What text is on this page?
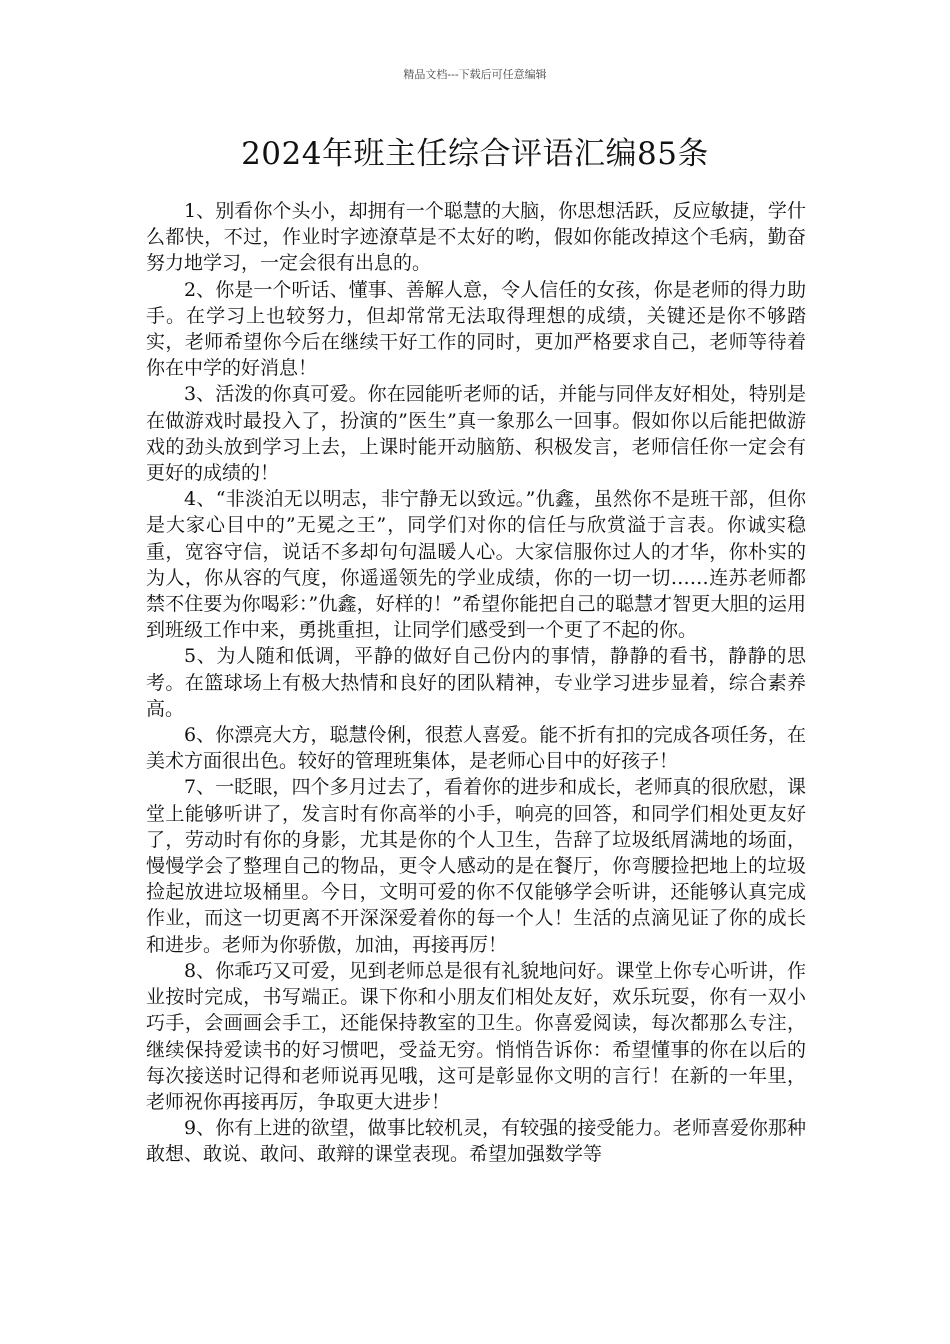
精品文档---下载后可任意编辑
2024年班主任综合评语汇编85条

1、别看你个头小，却拥有一个聪慧的大脑，你思想活跃，反应敏捷，学什么都快，不过，作业时字迹潦草是不太好的哟，假如你能改掉这个毛病，勤奋努力地学习，一定会很有出息的。

2、你是一个听话、懂事、善解人意，令人信任的女孩，你是老师的得力助手。在学习上也较努力，但却常常无法取得理想的成绩，关键还是你不够踏实，老师希望你今后在继续干好工作的同时，更加严格要求自己，老师等待着你在中学的好消息！

3、活泼的你真可爱。你在园能听老师的话，并能与同伴友好相处，特别是在做游戏时最投入了，扮演的”医生”真一象那么一回事。假如你以后能把做游戏的劲头放到学习上去，上课时能开动脑筋、积极发言，老师信任你一定会有更好的成绩的！

4、“非淡泊无以明志，非宁静无以致远。”仇鑫，虽然你不是班干部，但你是大家心目中的”无冕之王”，同学们对你的信任与欣赏溢于言表。你诚实稳重，宽容守信，说话不多却句句温暖人心。大家信服你过人的才华，你朴实的为人，你从容的气度，你遥遥领先的学业成绩，你的一切一切……连苏老师都禁不住要为你喝彩：”仇鑫，好样的！”希望你能把自己的聪慧才智更大胆的运用到班级工作中来，勇挑重担，让同学们感受到一个更了不起的你。

5、为人随和低调，平静的做好自己份内的事情，静静的看书，静静的思考。在篮球场上有极大热情和良好的团队精神，专业学习进步显着，综合素养高。

6、你漂亮大方，聪慧伶俐，很惹人喜爱。能不折有扣的完成各项任务，在美术方面很出色。较好的管理班集体，是老师心目中的好孩子！

7、一眨眼，四个多月过去了，看着你的进步和成长，老师真的很欣慰，课堂上能够听讲了，发言时有你高举的小手，响亮的回答，和同学们相处更友好了，劳动时有你的身影，尤其是你的个人卫生，告辞了垃圾纸屑满地的场面，慢慢学会了整理自己的物品，更令人感动的是在餐厅，你弯腰捡把地上的垃圾捡起放进垃圾桶里。今日，文明可爱的你不仅能够学会听讲，还能够认真完成作业，而这一切更离不开深深爱着你的每一个人！生活的点滴见证了你的成长和进步。老师为你骄傲，加油，再接再厉！

8、你乖巧又可爱，见到老师总是很有礼貌地问好。课堂上你专心听讲，作业按时完成，书写端正。课下你和小朋友们相处友好，欢乐玩耍，你有一双小巧手，会画画会手工，还能保持教室的卫生。你喜爱阅读，每次都那么专注，继续保持爱读书的好习惯吧，受益无穷。悄悄告诉你：希望懂事的你在以后的每次接送时记得和老师说再见哦，这可是彰显你文明的言行！在新的一年里，老师祝你再接再厉，争取更大进步！

9、你有上进的欲望，做事比较机灵，有较强的接受能力。老师喜爱你那种敢想、敢说、敢问、敢辩的课堂表现。希望加强数学等
